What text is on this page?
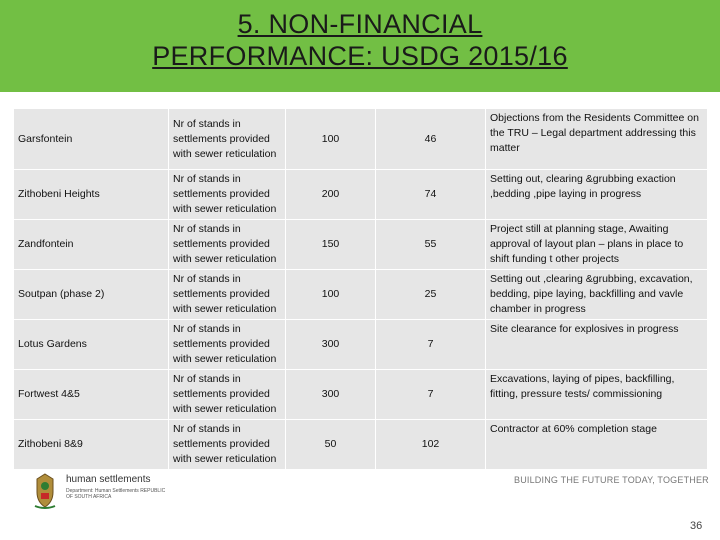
5. NON-FINANCIAL
PERFORMANCE: USDG 2015/16
Garsfontein	Nr of stands in settlements provided with sewer reticulation	100	46	Objections from the Residents Committee on the TRU – Legal department addressing this matter
Zithobeni Heights	Nr of stands in settlements provided with sewer reticulation	200	74	Setting out, clearing &grubbing exaction ,bedding ,pipe laying in progress
Zandfontein	Nr of stands in settlements provided with sewer reticulation	150	55	Project still at planning stage, Awaiting approval of layout plan – plans in place to shift funding t other projects
Soutpan (phase 2)	Nr of stands in settlements provided with sewer reticulation	100	25	Setting out ,clearing &grubbing, excavation, bedding, pipe laying, backfilling and vavle chamber in progress
Lotus Gardens	Nr of stands in settlements provided with sewer reticulation	300	7	Site clearance for explosives in progress
Fortwest 4&5	Nr of stands in settlements provided with sewer reticulation	300	7	Excavations, laying of pipes, backfilling, fitting, pressure tests/ commissioning
Zithobeni 8&9	Nr of stands in settlements provided with sewer reticulation	50	102	Contractor at 60% completion stage
human settlements
Department: Human Settlements REPUBLIC OF SOUTH AFRICA
BUILDING THE FUTURE TODAY, TOGETHER
36
